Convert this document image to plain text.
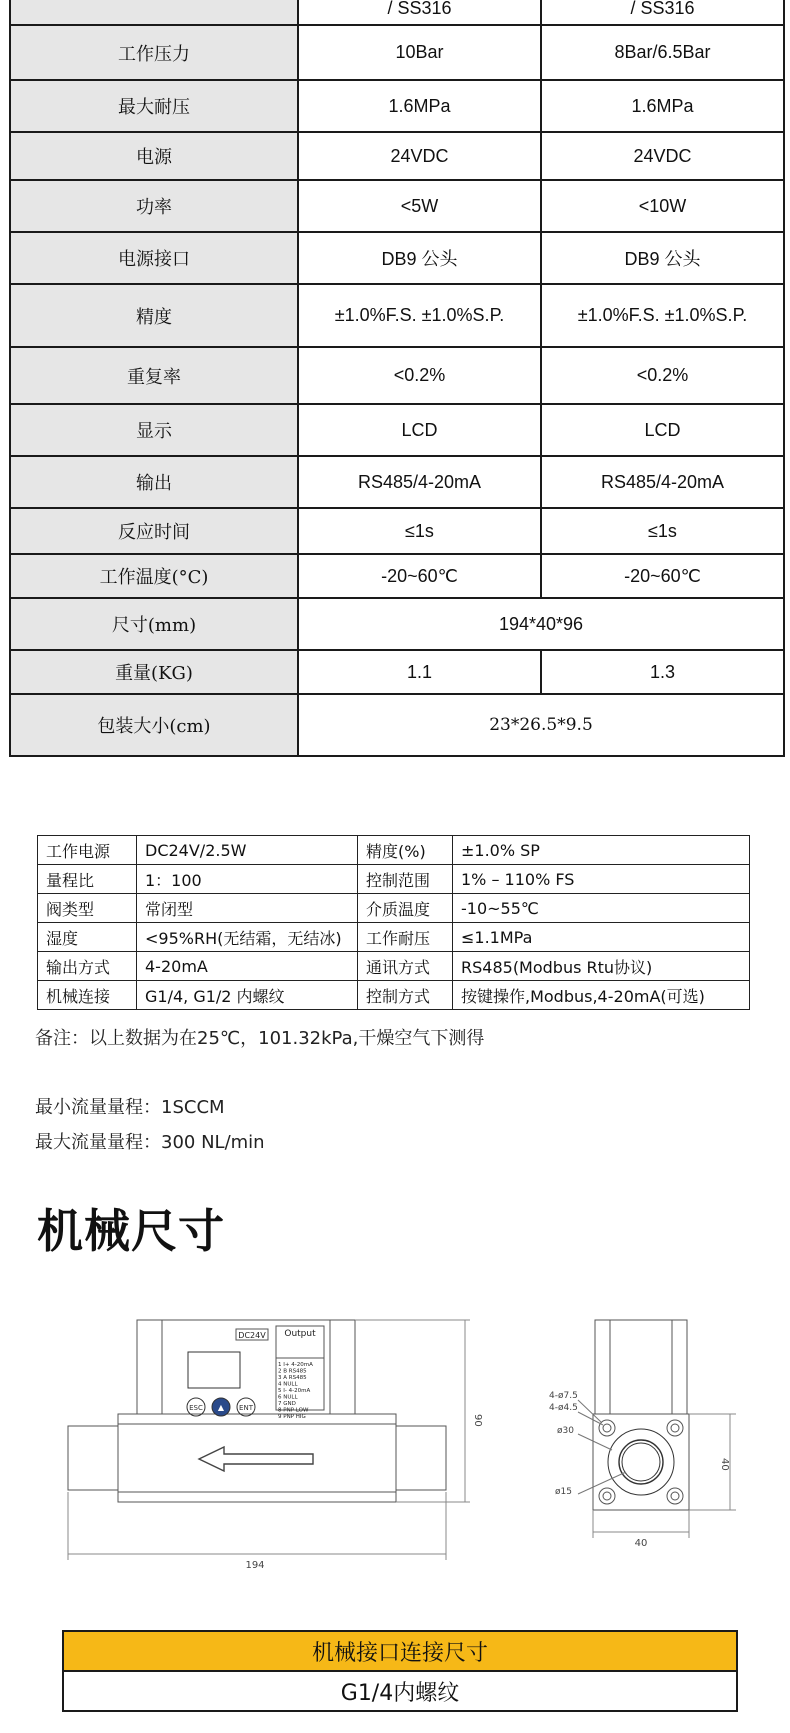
	/ SS316	/ SS316
工作压力	10Bar	8Bar/6.5Bar
最大耐压	1.6MPa	1.6MPa
电源	24VDC	24VDC
功率	<5W	<10W
电源接口	DB9 公头	DB9 公头
精度	±1.0%F.S. ±1.0%S.P.	±1.0%F.S. ±1.0%S.P.
重复率	<0.2%	<0.2%
显示	LCD	LCD
输出	RS485/4-20mA	RS485/4-20mA
反应时间	≤1s	≤1s
工作温度(°C)	-20~60℃	-20~60℃
尺寸(mm)	194*40*96	
重量(KG)	1.1	1.3
包装大小(cm)	23*26.5*9.5	
工作电源	DC24V/2.5W	精度(%)	±1.0% SP
量程比	1：100	控制范围	1% – 110% FS
阀类型	常闭型	介质温度	-10~55℃
湿度	<95%RH(无结霜，无结冰)	工作耐压	≤1.1MPa
输出方式	4-20mA	通讯方式	RS485(Modbus Rtu协议)
机械连接	G1/4, G1/2 内螺纹	控制方式	按键操作,Modbus,4-20mA(可选)
备注：以上数据为在25℃，101.32kPa,干燥空气下测得
最小流量量程：1SCCM
最大流量量程：300 NL/min
机械尺寸
ESC ▲ ENT
DC24V Output
1 I+ 4-20mA
2 B RS485
3 A RS485
4 NULL
5 I- 4-20mA
6 NULL
7 GND
8 PNP LOW
9 PNP HIG
194
90
40
40
4-ø7.5
4-ø4.5
ø30
ø15
机械接口连接尺寸
G1/4内螺纹
